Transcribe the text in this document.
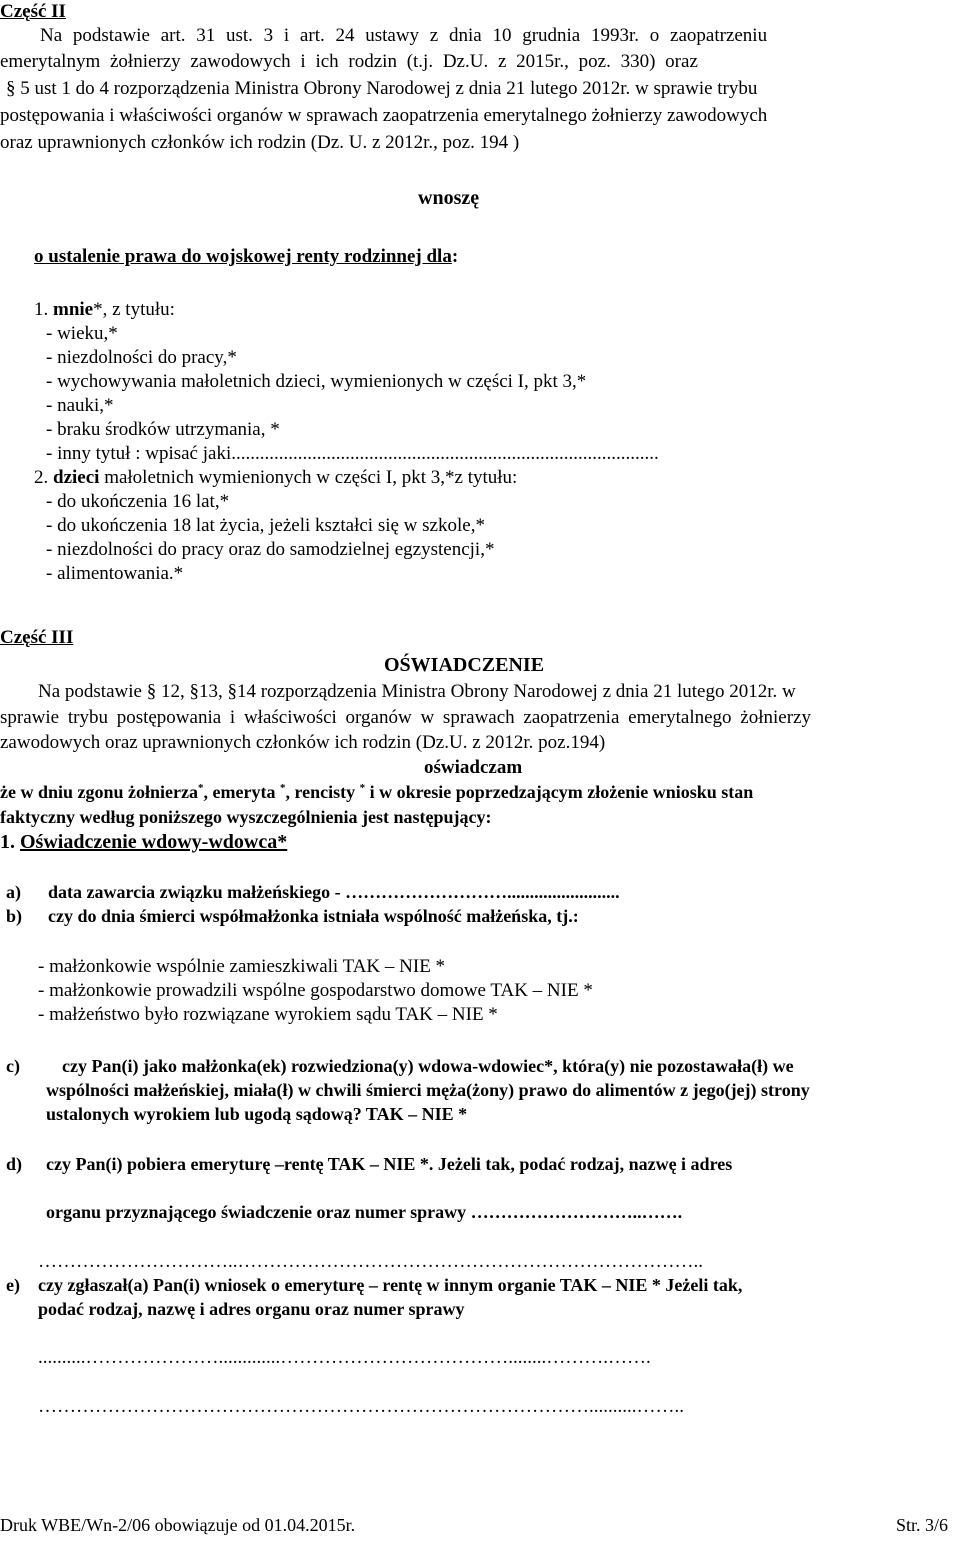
Część II
Na podstawie art. 31 ust. 3 i art. 24 ustawy z dnia 10 grudnia 1993r. o zaopatrzeniu
emerytalnym żołnierzy zawodowych i ich rodzin (t.j. Dz.U. z 2015r., poz. 330) oraz
§ 5 ust 1 do 4 rozporządzenia Ministra Obrony Narodowej z dnia 21 lutego 2012r. w sprawie trybu
postępowania i właściwości organów w sprawach zaopatrzenia emerytalnego żołnierzy zawodowych
oraz uprawnionych członków ich rodzin (Dz. U. z 2012r., poz. 194 )
wnoszę
o ustalenie prawa do wojskowej renty rodzinnej dla:
1. mnie*, z tytułu:
- wieku,*
- niezdolności do pracy,*
- wychowywania małoletnich dzieci, wymienionych w części I, pkt 3,*
- nauki,*
- braku środków utrzymania, *
- inny tytuł : wpisać jaki..........................................................................................
2. dzieci małoletnich wymienionych w części I, pkt 3,*z tytułu:
- do ukończenia 16 lat,*
- do ukończenia 18 lat życia, jeżeli kształci się w szkole,*
- niezdolności do pracy oraz do samodzielnej egzystencji,*
- alimentowania.*
Część III
OŚWIADCZENIE
Na podstawie § 12, §13, §14 rozporządzenia Ministra Obrony Narodowej z dnia 21 lutego 2012r. w
sprawie trybu postępowania i właściwości organów w sprawach zaopatrzenia emerytalnego żołnierzy
zawodowych oraz uprawnionych członków ich rodzin (Dz.U. z 2012r. poz.194)
oświadczam
że w dniu zgonu żołnierza*, emeryta *, rencisty * i w okresie poprzedzającym złożenie wniosku stan
faktyczny według poniższego wyszczególnienia jest następujący:
1. Oświadczenie wdowy-wdowca*
a) data zawarcia związku małżeńskiego - ……………………….........................
b) czy do dnia śmierci współmałżonka istniała wspólność małżeńska, tj.:
- małżonkowie wspólnie zamieszkiwali TAK – NIE *
- małżonkowie prowadzili wspólne gospodarstwo domowe TAK – NIE *
- małżeństwo było rozwiązane wyrokiem sądu TAK – NIE *
c) czy Pan(i) jako małżonka(ek) rozwiedziona(y) wdowa-wdowiec*, która(y) nie pozostawała(ł) we
wspólności małżeńskiej, miała(ł) w chwili śmierci męża(żony) prawo do alimentów z jego(jej) strony
ustalonych wyrokiem lub ugodą sądową? TAK – NIE *
d) czy Pan(i) pobiera emeryturę –rentę TAK – NIE *. Jeżeli tak, podać rodzaj, nazwę i adres
organu przyznającego świadczenie oraz numer sprawy ………………………..…….
…………………………..………………………………………………………………..
e) czy zgłaszał(a) Pan(i) wniosek o emeryturę – rentę w innym organie TAK – NIE * Jeżeli tak,
podać rodzaj, nazwę i adres organu oraz numer sprawy
..........………………….............………………………………........……….…….
……………………………………………………………………………..........……..
Druk WBE/Wn-2/06 obowiązuje od 01.04.2015r.	Str. 3/6
